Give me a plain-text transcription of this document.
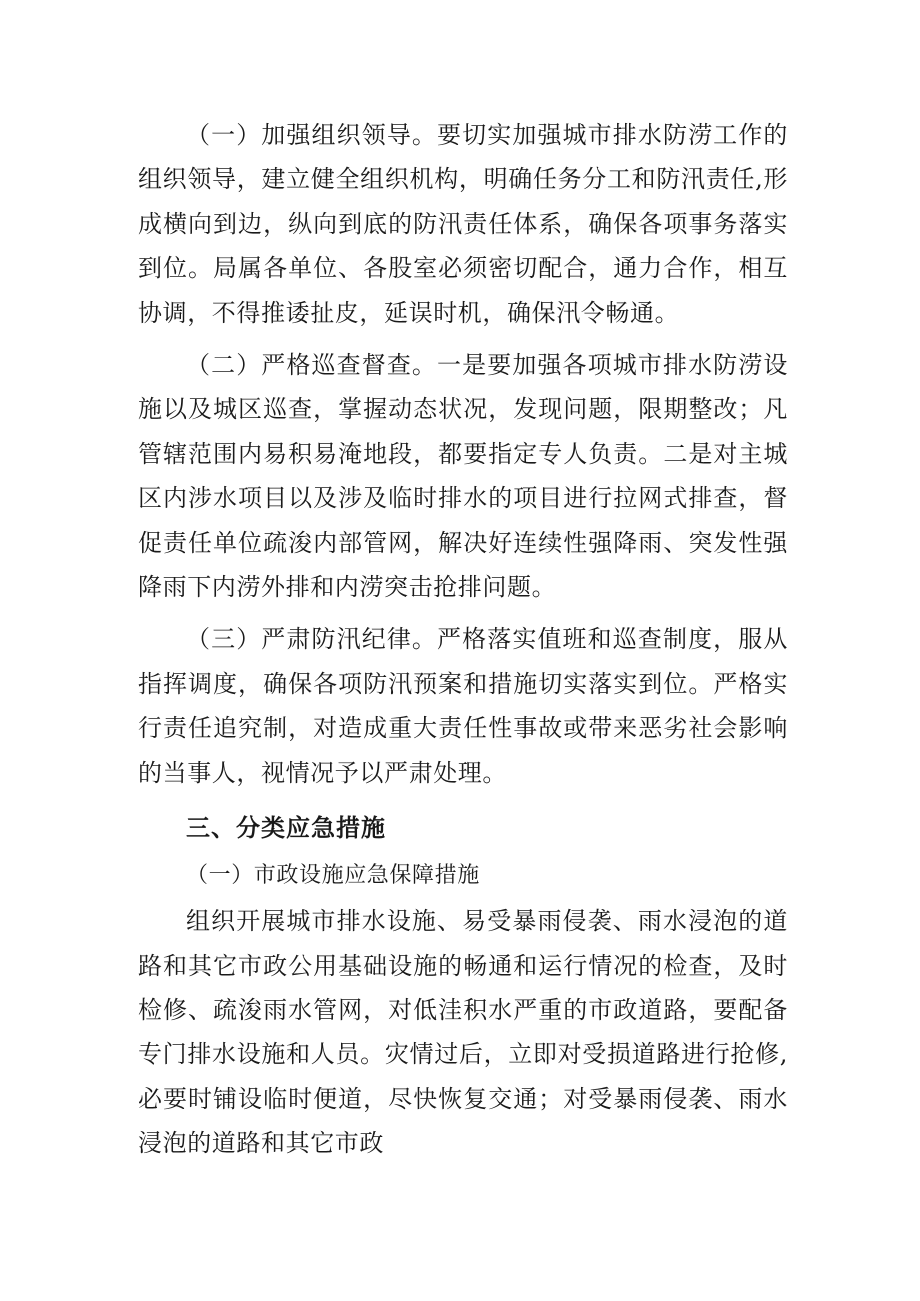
（一）加强组织领导。要切实加强城市排水防涝工作的组织领导，建立健全组织机构，明确任务分工和防汛责任,形成横向到边，纵向到底的防汛责任体系，确保各项事务落实到位。局属各单位、各股室必须密切配合，通力合作，相互协调，不得推诿扯皮，延误时机，确保汛令畅通。

（二）严格巡查督查。一是要加强各项城市排水防涝设施以及城区巡查，掌握动态状况，发现问题，限期整改；凡管辖范围内易积易淹地段，都要指定专人负责。二是对主城区内涉水项目以及涉及临时排水的项目进行拉网式排查，督促责任单位疏浚内部管网，解决好连续性强降雨、突发性强降雨下内涝外排和内涝突击抢排问题。

（三）严肃防汛纪律。严格落实值班和巡查制度，服从指挥调度，确保各项防汛预案和措施切实落实到位。严格实行责任追究制，对造成重大责任性事故或带来恶劣社会影响的当事人，视情况予以严肃处理。

三、分类应急措施

（一）市政设施应急保障措施

组织开展城市排水设施、易受暴雨侵袭、雨水浸泡的道路和其它市政公用基础设施的畅通和运行情况的检查，及时检修、疏浚雨水管网，对低洼积水严重的市政道路，要配备专门排水设施和人员。灾情过后，立即对受损道路进行抢修,必要时铺设临时便道，尽快恢复交通；对受暴雨侵袭、雨水浸泡的道路和其它市政
